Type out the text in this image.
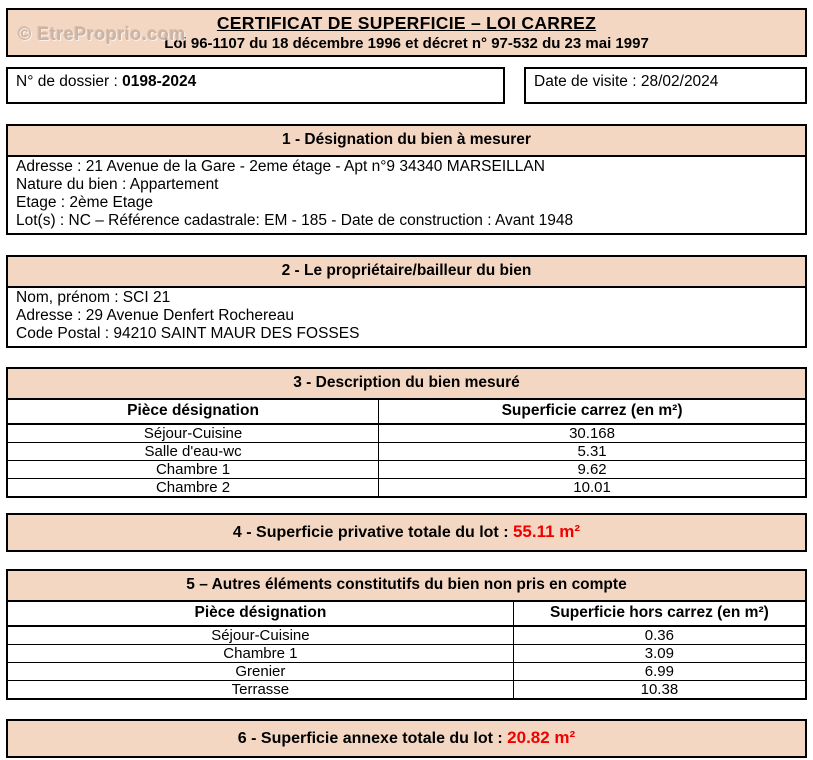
© EtreProprio.com
CERTIFICAT DE SUPERFICIE – LOI CARREZ
Loi 96-1107 du 18 décembre 1996 et décret n° 97-532 du 23 mai 1997
N° de dossier : 0198-2024	Date de visite : 28/02/2024
1 - Désignation du bien à mesurer
Adresse : 21 Avenue de la Gare - 2eme étage - Apt n°9 34340 MARSEILLAN
Nature du bien : Appartement
Etage : 2ème Etage
Lot(s) : NC – Référence cadastrale: EM - 185 - Date de construction : Avant 1948
2 - Le propriétaire/bailleur du bien
Nom, prénom : SCI 21
Adresse : 29 Avenue Denfert Rochereau
Code Postal : 94210 SAINT MAUR DES FOSSES
3 - Description du bien mesuré
Pièce désignation	Superficie carrez (en m²)
Séjour-Cuisine	30.168
Salle d'eau-wc	5.31
Chambre 1	9.62
Chambre 2	10.01
4 - Superficie privative totale du lot : 55.11 m²
5 – Autres éléments constitutifs du bien non pris en compte
Pièce désignation	Superficie hors carrez (en m²)
Séjour-Cuisine	0.36
Chambre 1	3.09
Grenier	6.99
Terrasse	10.38
6 - Superficie annexe totale du lot : 20.82 m²
